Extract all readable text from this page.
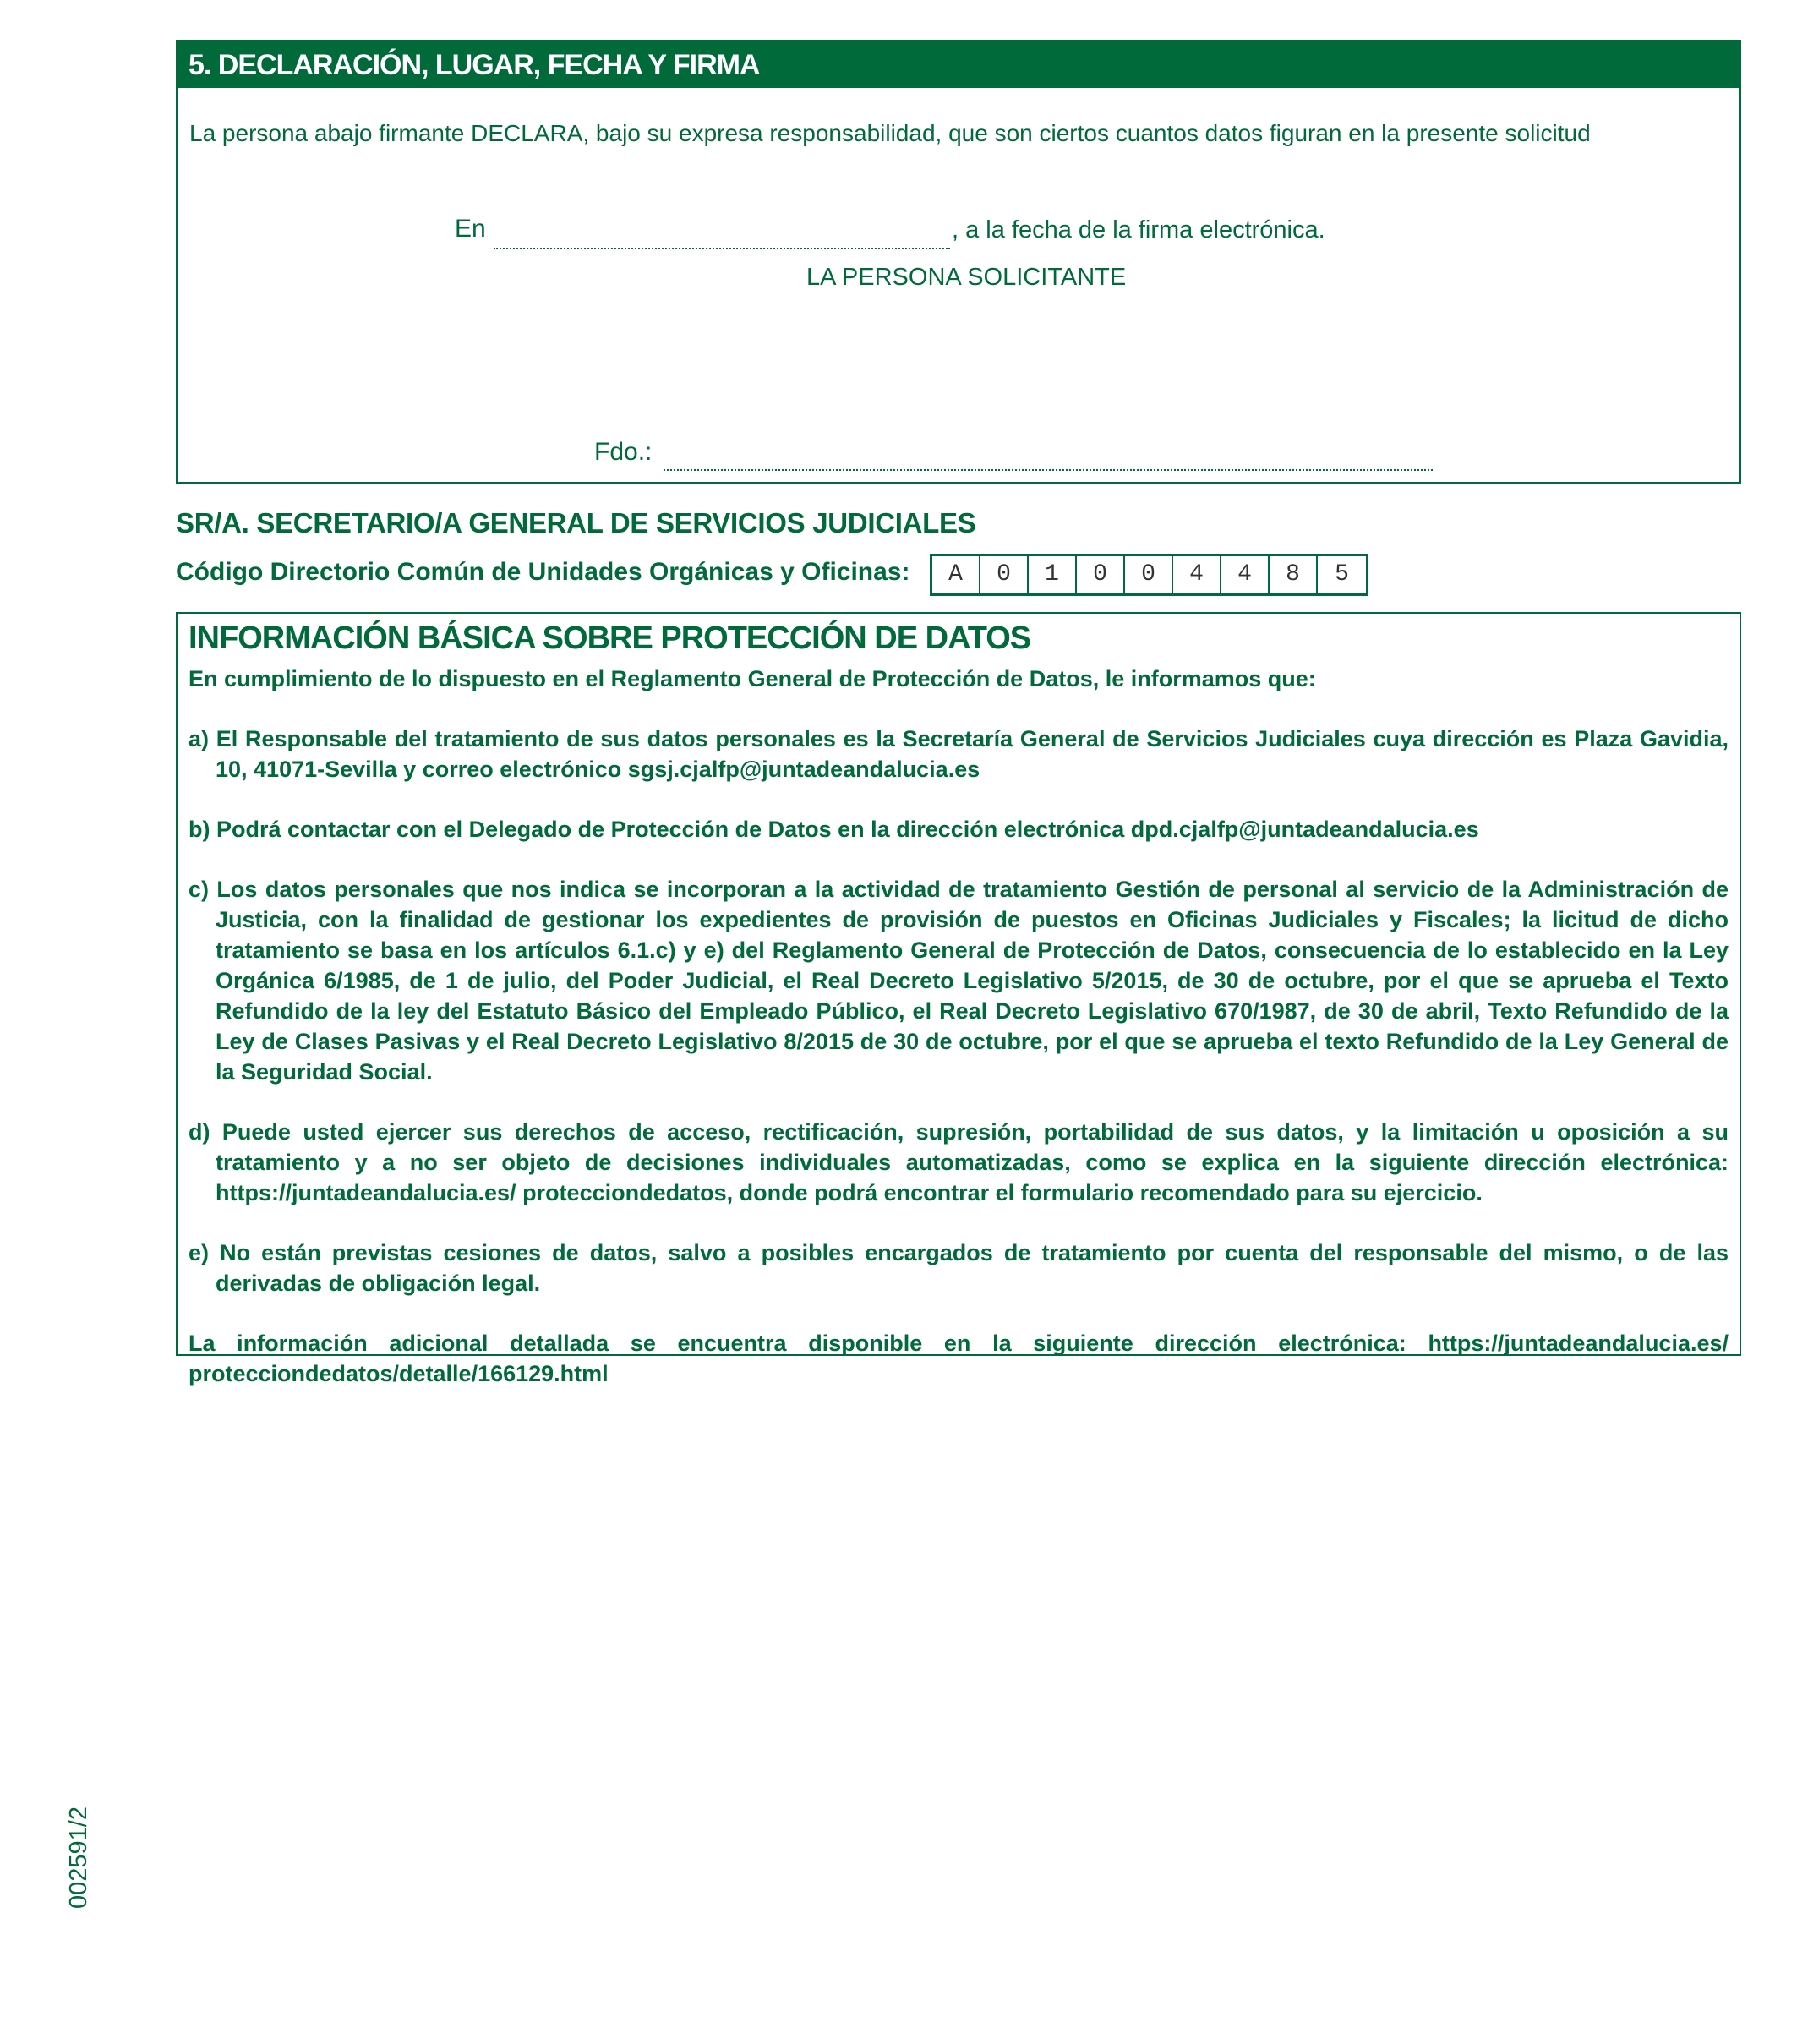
5. DECLARACIÓN, LUGAR, FECHA Y FIRMA
La persona abajo firmante DECLARA, bajo su expresa responsabilidad, que son ciertos cuantos datos figuran en la presente solicitud
En	, a la fecha de la firma electrónica.
LA PERSONA SOLICITANTE
Fdo.:
SR/A. SECRETARIO/A GENERAL DE SERVICIOS JUDICIALES
Código Directorio Común de Unidades Orgánicas y Oficinas:	A	0	1	0	0	4	4	8	5
INFORMACIÓN BÁSICA SOBRE PROTECCIÓN DE DATOS

En cumplimiento de lo dispuesto en el Reglamento General de Protección de Datos, le informamos que:

a) El Responsable del tratamiento de sus datos personales es la Secretaría General de Servicios Judiciales cuya dirección es Plaza Gavidia, 10, 41071-Sevilla y correo electrónico sgsj.cjalfp@juntadeandalucia.es

b) Podrá contactar con el Delegado de Protección de Datos en la dirección electrónica dpd.cjalfp@juntadeandalucia.es

c) Los datos personales que nos indica se incorporan a la actividad de tratamiento Gestión de personal al servicio de la Administración de Justicia, con la finalidad de gestionar los expedientes de provisión de puestos en Oficinas Judiciales y Fiscales; la licitud de dicho tratamiento se basa en los artículos 6.1.c) y e) del Reglamento General de Protección de Datos, consecuencia de lo establecido en la Ley Orgánica 6/1985, de 1 de julio, del Poder Judicial, el Real Decreto Legislativo 5/2015, de 30 de octubre, por el que se aprueba el Texto Refundido de la ley del Estatuto Básico del Empleado Público, el Real Decreto Legislativo 670/1987, de 30 de abril, Texto Refundido de la Ley de Clases Pasivas y el Real Decreto Legislativo 8/2015 de 30 de octubre, por el que se aprueba el texto Refundido de la Ley General de la Seguridad Social.

d) Puede usted ejercer sus derechos de acceso, rectificación, supresión, portabilidad de sus datos, y la limitación u oposición a su tratamiento y a no ser objeto de decisiones individuales automatizadas, como se explica en la siguiente dirección electrónica: https://juntadeandalucia.es/ protecciondedatos, donde podrá encontrar el formulario recomendado para su ejercicio.

e) No están previstas cesiones de datos, salvo a posibles encargados de tratamiento por cuenta del responsable del mismo, o de las derivadas de obligación legal.

La información adicional detallada se encuentra disponible en la siguiente dirección electrónica: https://juntadeandalucia.es/ protecciondedatos/detalle/166129.html

002591/2
